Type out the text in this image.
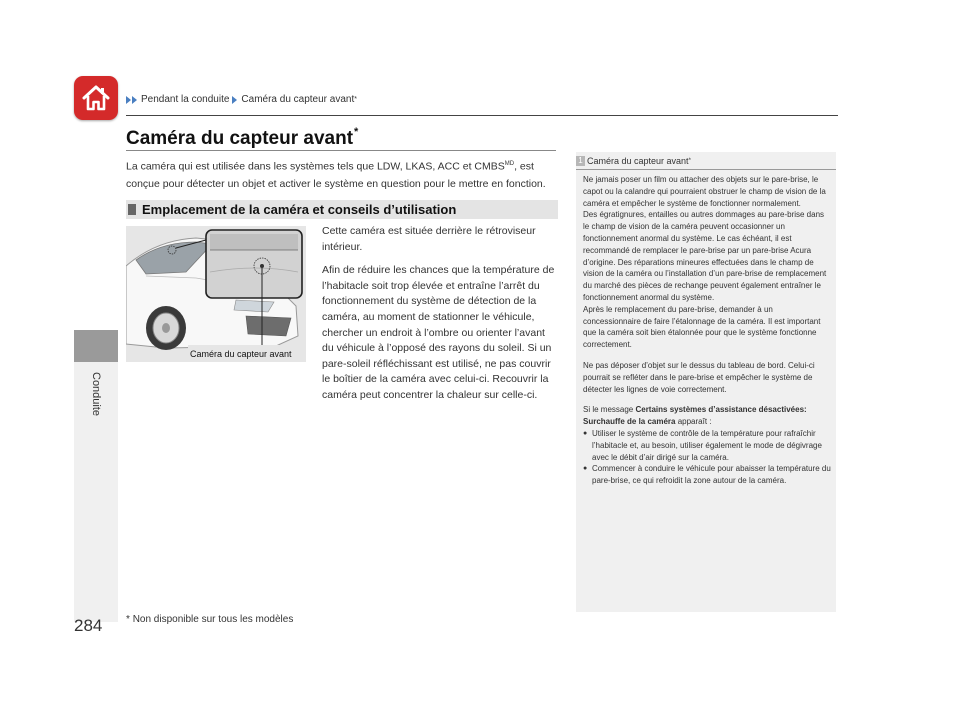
Pendant la conduite Caméra du capteur avant *
Caméra du capteur avant*
La caméra qui est utilisée dans les systèmes tels que LDW, LKAS, ACC et $CMBS^{MD}$, est conçue pour détecter un objet et activer le système en question pour le mettre en fonction.
Emplacement de la caméra et conseils d’utilisation
Caméra du capteur avant

Cette caméra est située derrière le rétroviseur intérieur.

Afin de réduire les chances que la température de l’habitacle soit trop élevée et entraîne l’arrêt du fonctionnement du système de détection de la caméra, au moment de stationner le véhicule, chercher un endroit à l’ombre ou orienter l’avant du véhicule à l’opposé des rayons du soleil. Si un pare-soleil réfléchissant est utilisé, ne pas couvrir le boîtier de la caméra avec celui-ci. Recouvrir la caméra peut concentrer la chaleur sur celle-ci.

1 Caméra du capteur avant *

Ne jamais poser un film ou attacher des objets sur le pare-brise, le capot ou la calandre qui pourraient obstruer le champ de vision de la caméra et empêcher le système de fonctionner normalement.

Des égratignures, entailles ou autres dommages au pare-brise dans le champ de vision de la caméra peuvent occasionner un fonctionnement anormal du système. Le cas échéant, il est recommandé de remplacer le pare-brise par un pare-brise Acura d’origine. Des réparations mineures effectuées dans le champ de vision de la caméra ou l’installation d’un pare-brise de remplacement du marché des pièces de rechange peuvent également entraîner le fonctionnement anormal du système.

Après le remplacement du pare-brise, demander à un concessionnaire de faire l’étalonnage de la caméra. Il est important que la caméra soit bien étalonnée pour que le système fonctionne correctement.

Ne pas déposer d’objet sur le dessus du tableau de bord. Celui-ci pourrait se refléter dans le pare-brise et empêcher le système de détecter les lignes de voie correctement.

Si le message Certains systèmes d’assistance désactivées: Surchauffe de la caméra apparaît :

● Utiliser le système de contrôle de la température pour rafraîchir l’habitacle et, au besoin, utiliser également le mode de dégivrage avec le débit d’air dirigé sur la caméra.
● Commencer à conduire le véhicule pour abaisser la température du pare-brise, ce qui refroidit la zone autour de la caméra.
Conduite
284 * Non disponible sur tous les modèles
